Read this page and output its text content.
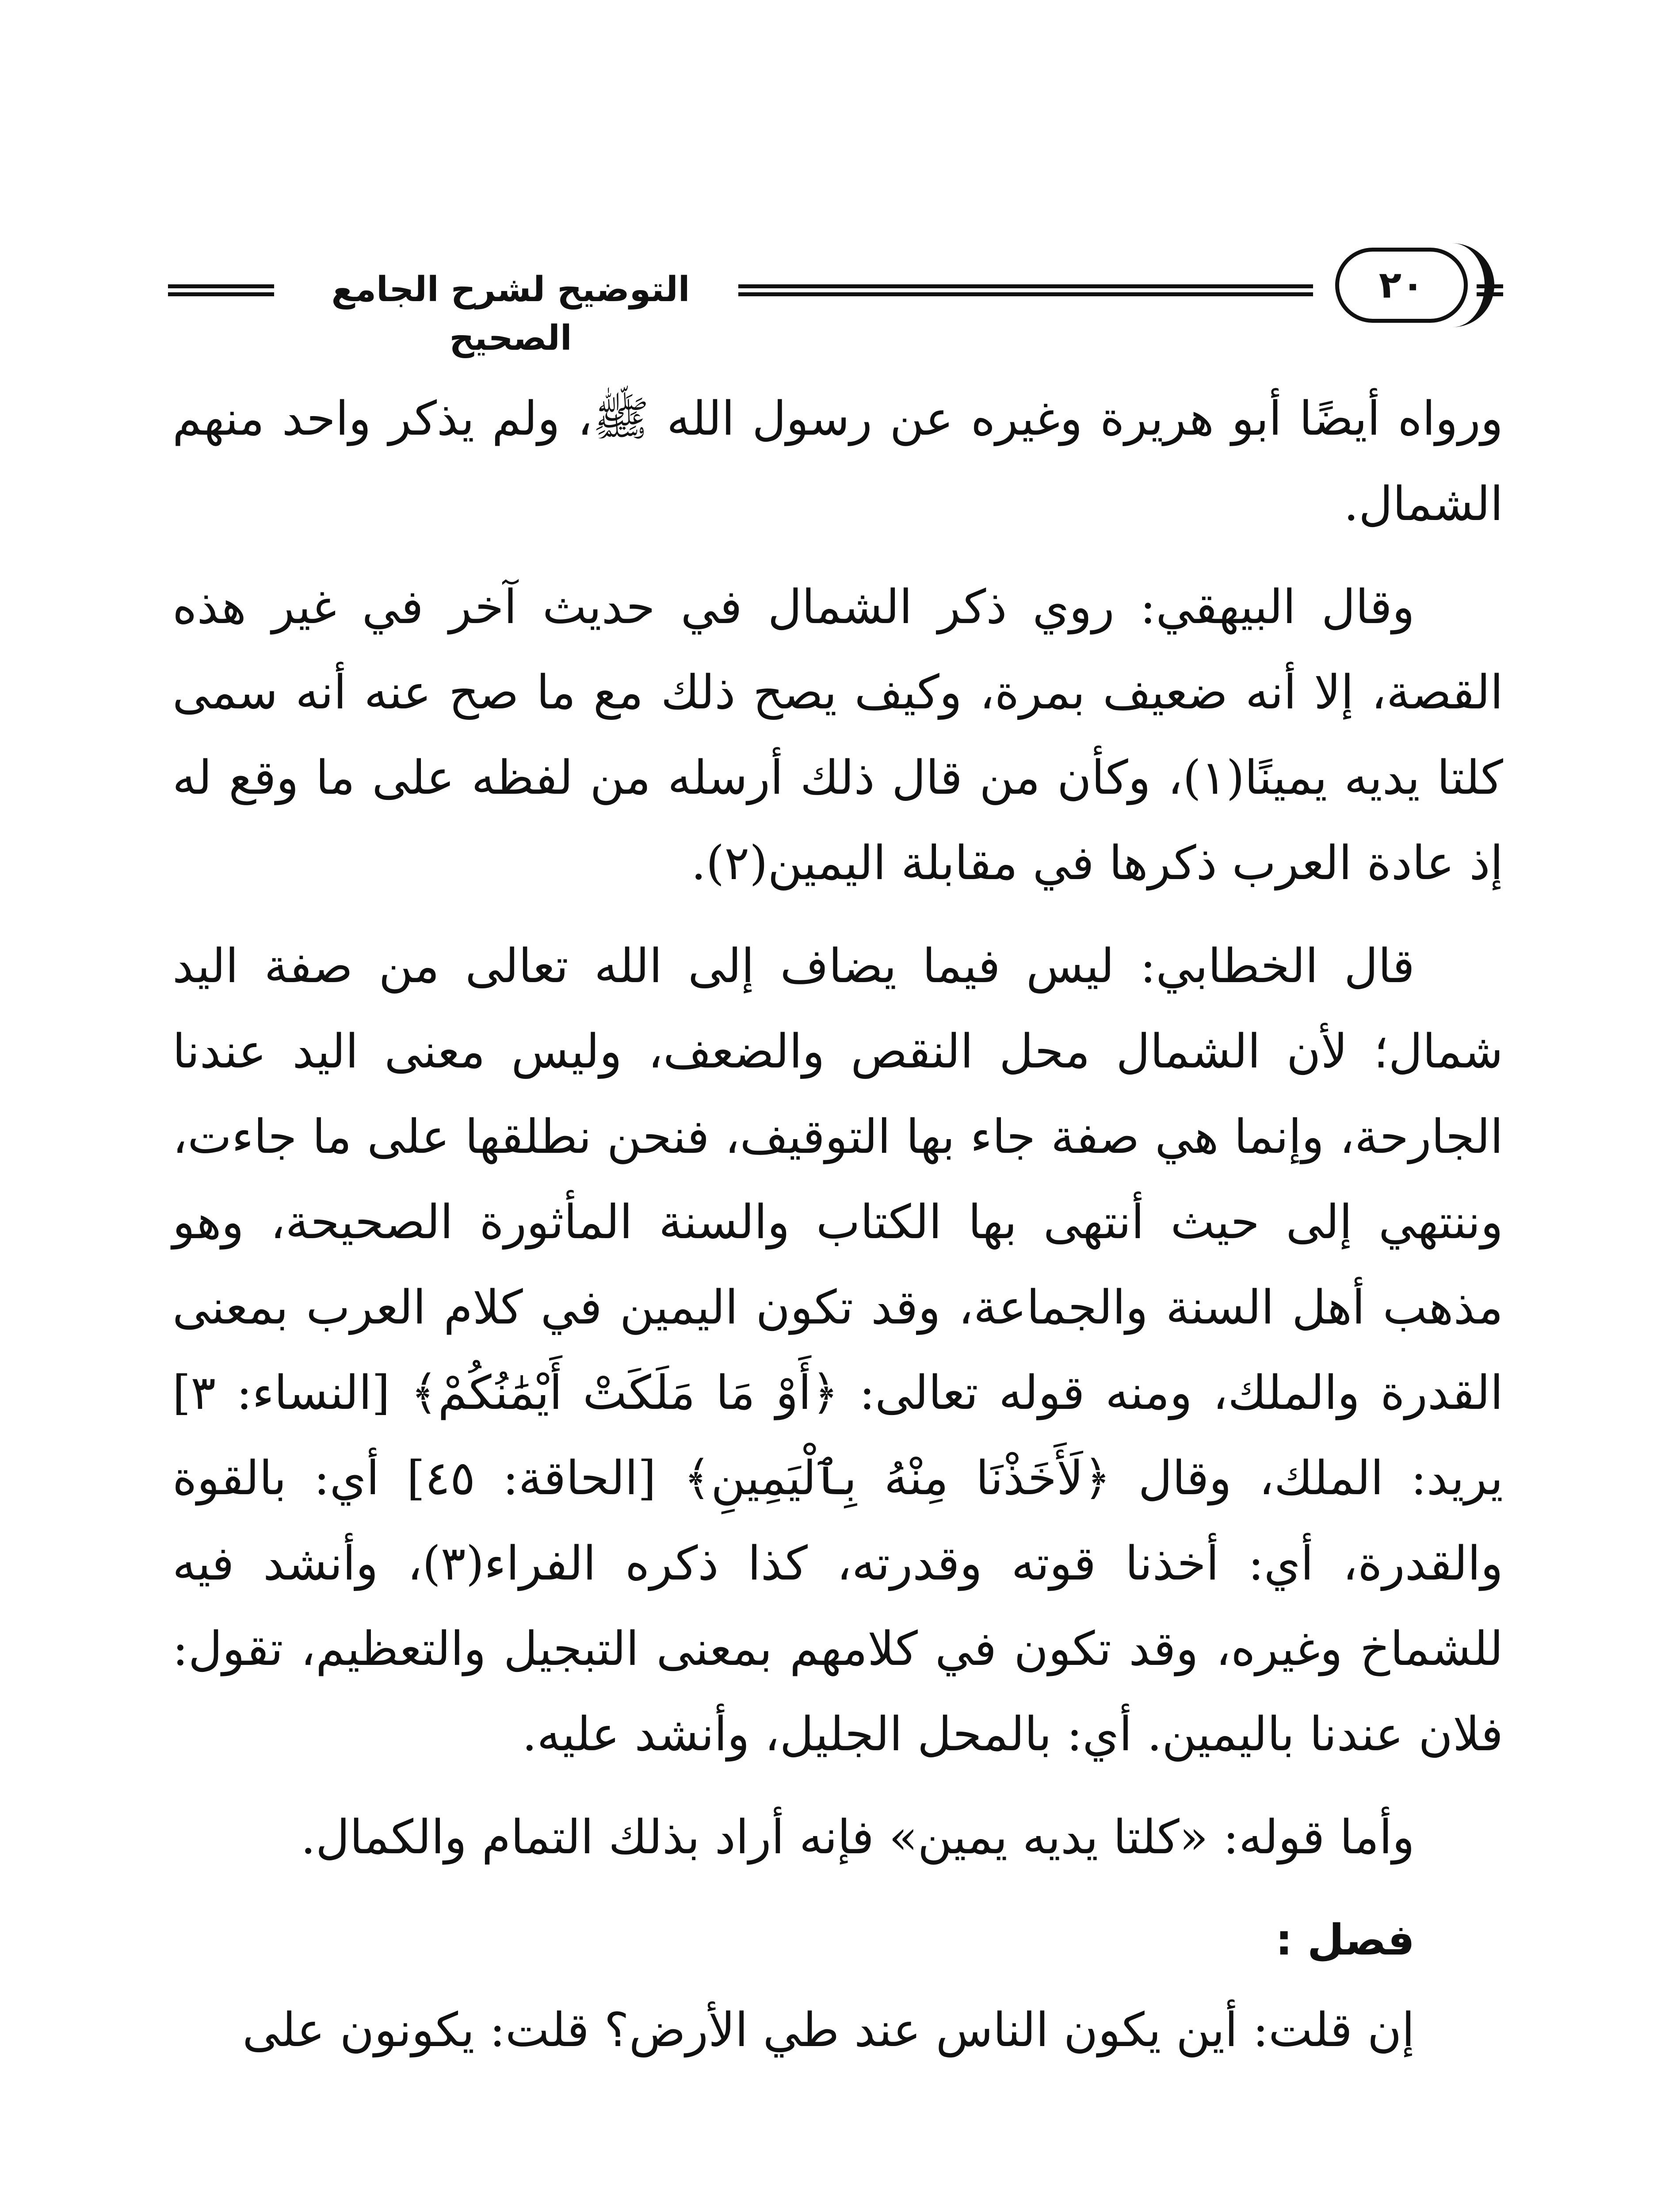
التوضيح لشرح الجامع الصحيح
٢٠

ورواه أيضًا أبو هريرة وغيره عن رسول الله ﷺ، ولم يذكر واحد منهم الشمال.

وقال البيهقي: روي ذكر الشمال في حديث آخر في غير هذه القصة، إلا أنه ضعيف بمرة، وكيف يصح ذلك مع ما صح عنه أنه سمى كلتا يديه يمينًا(١)، وكأن من قال ذلك أرسله من لفظه على ما وقع له إذ عادة العرب ذكرها في مقابلة اليمين(٢).

قال الخطابي: ليس فيما يضاف إلى الله تعالى من صفة اليد شمال؛ لأن الشمال محل النقص والضعف، وليس معنى اليد عندنا الجارحة، وإنما هي صفة جاء بها التوقيف، فنحن نطلقها على ما جاءت، وننتهي إلى حيث أنتهى بها الكتاب والسنة المأثورة الصحيحة، وهو مذهب أهل السنة والجماعة، وقد تكون اليمين في كلام العرب بمعنى القدرة والملك، ومنه قوله تعالى: ﴿أَوْ مَا مَلَكَتْ أَيْمَٰنُكُمْ﴾ [النساء: ٣] يريد: الملك، وقال ﴿لَأَخَذْنَا مِنْهُ بِٱلْيَمِينِ﴾ [الحاقة: ٤٥] أي: بالقوة والقدرة، أي: أخذنا قوته وقدرته، كذا ذكره الفراء(٣)، وأنشد فيه للشماخ وغيره، وقد تكون في كلامهم بمعنى التبجيل والتعظيم، تقول: فلان عندنا باليمين. أي: بالمحل الجليل، وأنشد عليه.

وأما قوله: «كلتا يديه يمين» فإنه أراد بذلك التمام والكمال.

فصل :

إن قلت: أين يكون الناس عند طي الأرض؟ قلت: يكونون على
